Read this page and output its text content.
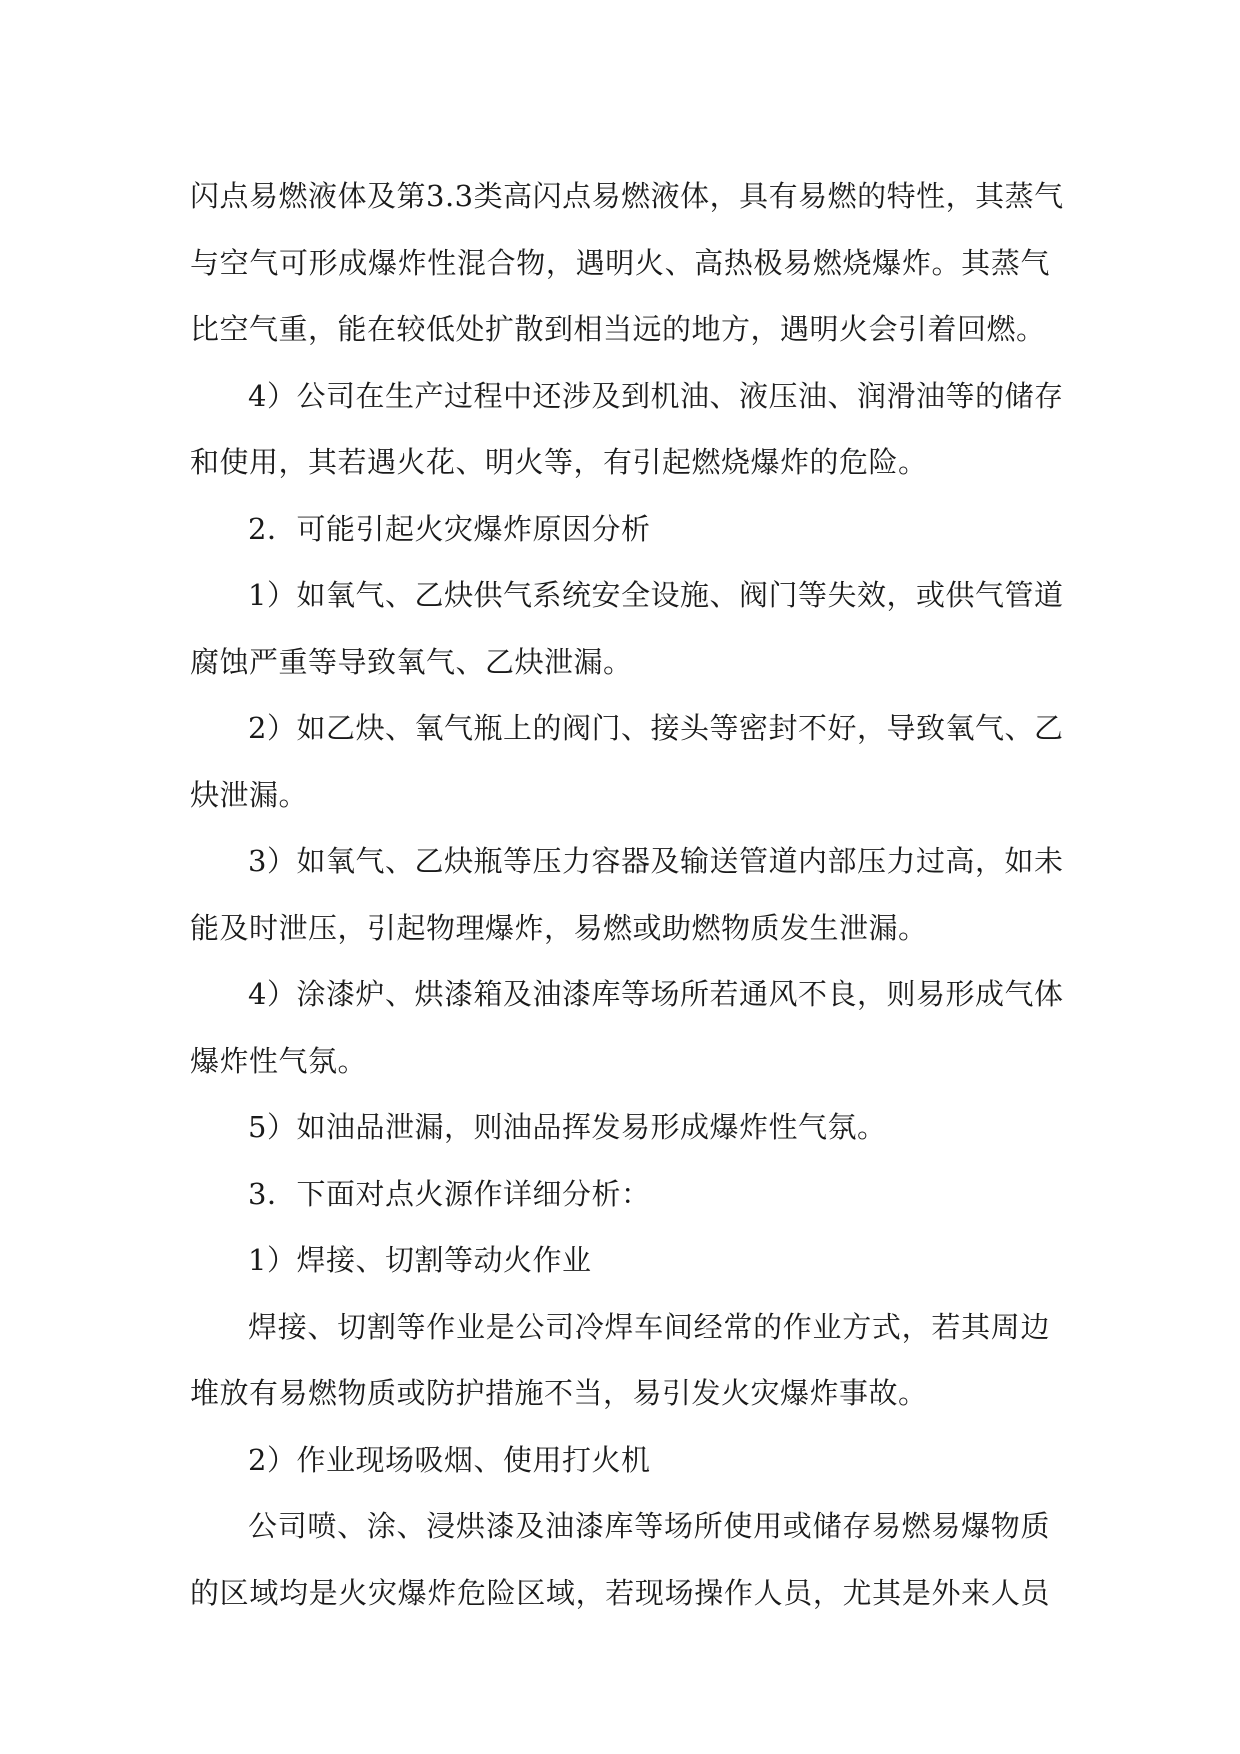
闪点易燃液体及第3.3类高闪点易燃液体，具有易燃的特性，其蒸气
与空气可形成爆炸性混合物，遇明火、高热极易燃烧爆炸。其蒸气
比空气重，能在较低处扩散到相当远的地方，遇明火会引着回燃。
4）公司在生产过程中还涉及到机油、液压油、润滑油等的储存
和使用，其若遇火花、明火等，有引起燃烧爆炸的危险。
2．可能引起火灾爆炸原因分析
1）如氧气、乙炔供气系统安全设施、阀门等失效，或供气管道
腐蚀严重等导致氧气、乙炔泄漏。
2）如乙炔、氧气瓶上的阀门、接头等密封不好，导致氧气、乙
炔泄漏。
3）如氧气、乙炔瓶等压力容器及输送管道内部压力过高，如未
能及时泄压，引起物理爆炸，易燃或助燃物质发生泄漏。
4）涂漆炉、烘漆箱及油漆库等场所若通风不良，则易形成气体
爆炸性气氛。
5）如油品泄漏，则油品挥发易形成爆炸性气氛。
3．下面对点火源作详细分析：
1）焊接、切割等动火作业
焊接、切割等作业是公司冷焊车间经常的作业方式，若其周边
堆放有易燃物质或防护措施不当，易引发火灾爆炸事故。
2）作业现场吸烟、使用打火机
公司喷、涂、浸烘漆及油漆库等场所使用或储存易燃易爆物质
的区域均是火灾爆炸危险区域，若现场操作人员，尤其是外来人员
